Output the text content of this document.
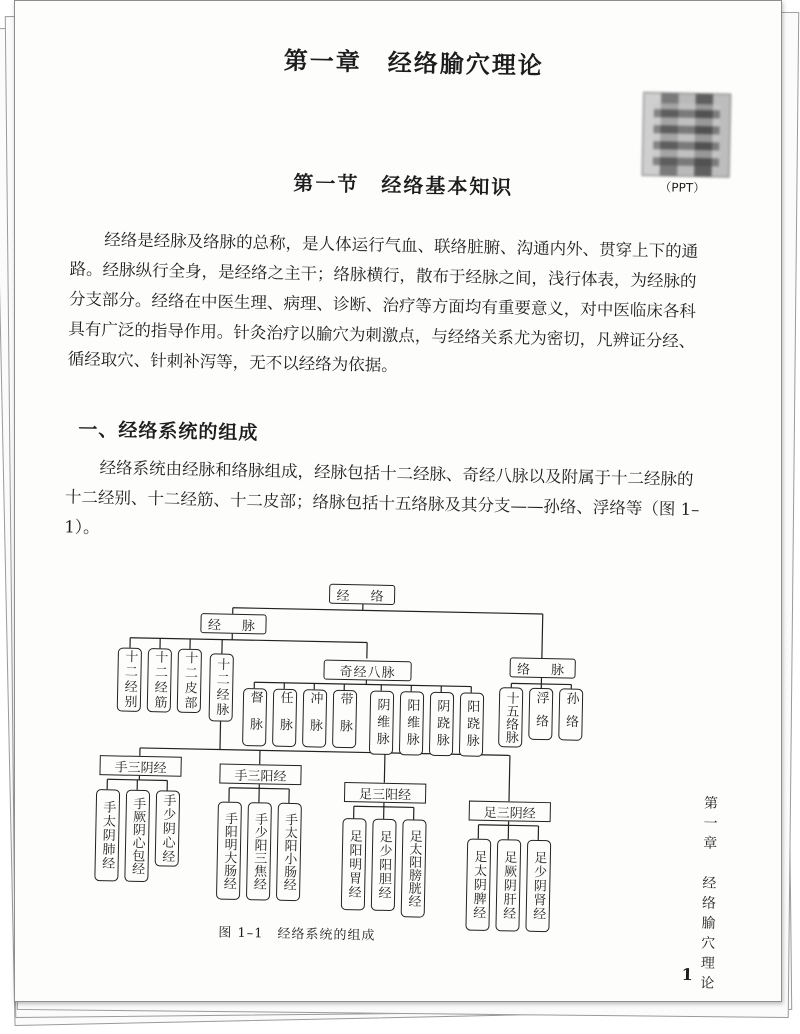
第一章　经络腧穴理论
（PPT）
第一节　经络基本知识
经络是经脉及络脉的总称，是人体运行气血、联络脏腑、沟通内外、贯穿上下的通路。经脉纵行全身，是经络之主干；络脉横行，散布于经脉之间，浅行体表，为经脉的分支部分。经络在中医生理、病理、诊断、治疗等方面均有重要意义，对中医临床各科具有广泛的指导作用。针灸治疗以腧穴为刺激点，与经络关系尤为密切，凡辨证分经、循经取穴、针刺补泻等，无不以经络为依据。
一、经络系统的组成
经络系统由经脉和络脉组成，经脉包括十二经脉、奇经八脉以及附属于十二经脉的十二经别、十二经筋、十二皮部；络脉包括十五络脉及其分支——孙络、浮络等（图 1–1）。
经　络
经　脉
络　脉
奇经八脉
十二经别	十二经筋	十二皮部	十二经脉	督脉	任脉	冲脉	带脉	阴维脉	阳维脉	阴跷脉	阳跷脉	十五络脉	浮络	孙络
手三阴经
手三阳经
足三阳经
足三阴经
手太阴肺经	手厥阴心包经	手少阴心经	手阳明大肠经	手少阳三焦经	手太阳小肠经	足阳明胃经	足少阳胆经	足太阳膀胱经	足太阴脾经	足厥阴肝经	足少阴肾经
图 1–1　经络系统的组成	第一章　经络腧穴理论
1
